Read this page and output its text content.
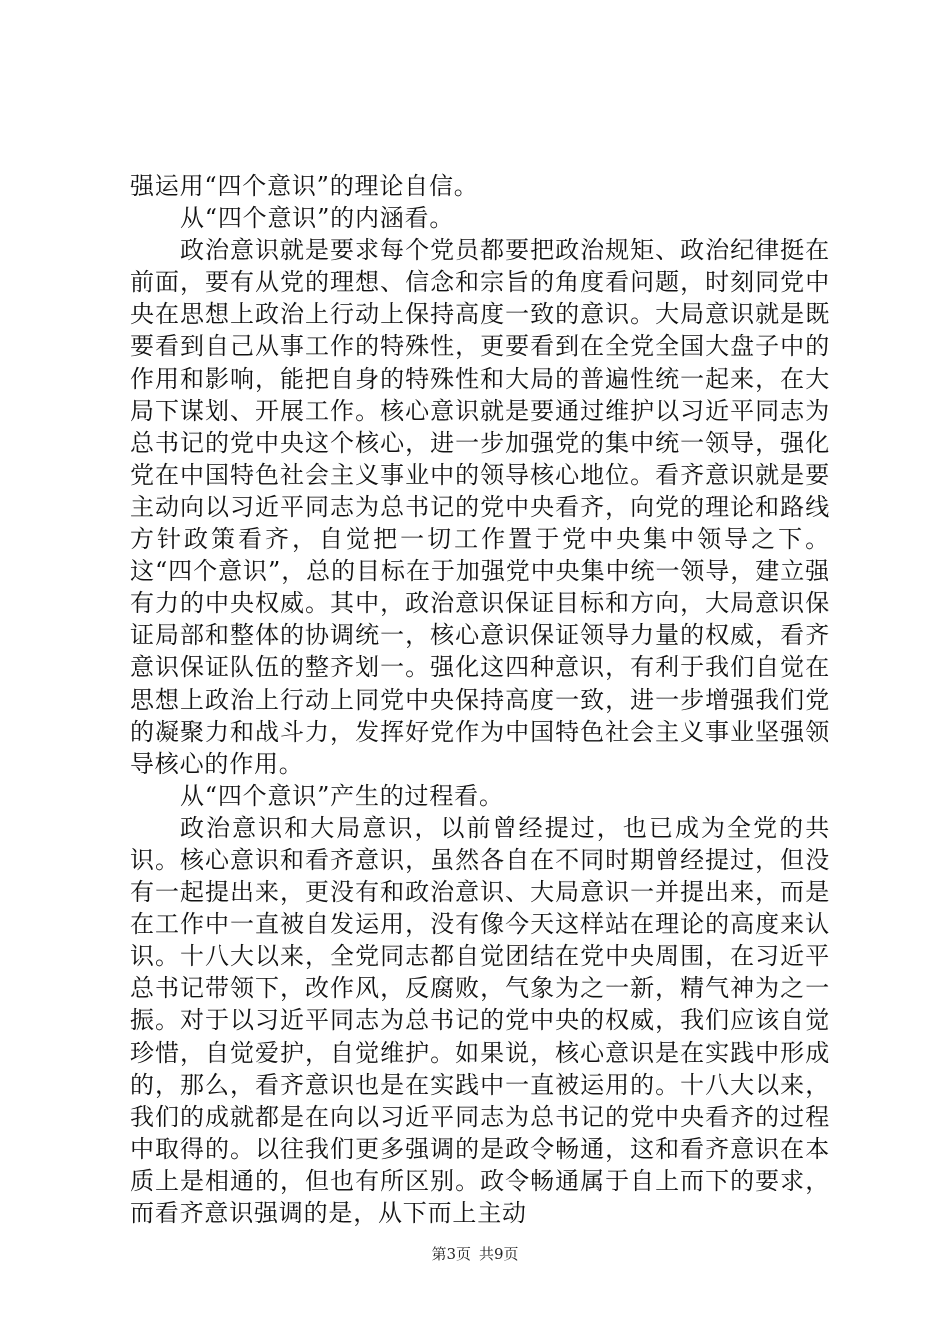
强运用“四个意识”的理论自信。

从“四个意识”的内涵看。

政治意识就是要求每个党员都要把政治规矩、政治纪律挺在前面，要有从党的理想、信念和宗旨的角度看问题，时刻同党中央在思想上政治上行动上保持高度一致的意识。大局意识就是既要看到自己从事工作的特殊性，更要看到在全党全国大盘子中的作用和影响，能把自身的特殊性和大局的普遍性统一起来，在大局下谋划、开展工作。核心意识就是要通过维护以习近平同志为总书记的党中央这个核心，进一步加强党的集中统一领导，强化党在中国特色社会主义事业中的领导核心地位。看齐意识就是要主动向以习近平同志为总书记的党中央看齐，向党的理论和路线方针政策看齐，自觉把一切工作置于党中央集中领导之下。这“四个意识”，总的目标在于加强党中央集中统一领导，建立强有力的中央权威。其中，政治意识保证目标和方向，大局意识保证局部和整体的协调统一，核心意识保证领导力量的权威，看齐意识保证队伍的整齐划一。强化这四种意识，有利于我们自觉在思想上政治上行动上同党中央保持高度一致，进一步增强我们党的凝聚力和战斗力，发挥好党作为中国特色社会主义事业坚强领导核心的作用。

从“四个意识”产生的过程看。

政治意识和大局意识，以前曾经提过，也已成为全党的共识。核心意识和看齐意识，虽然各自在不同时期曾经提过，但没有一起提出来，更没有和政治意识、大局意识一并提出来，而是在工作中一直被自发运用，没有像今天这样站在理论的高度来认识。十八大以来，全党同志都自觉团结在党中央周围，在习近平总书记带领下，改作风，反腐败，气象为之一新，精气神为之一振。对于以习近平同志为总书记的党中央的权威，我们应该自觉珍惜，自觉爱护，自觉维护。如果说，核心意识是在实践中形成的，那么，看齐意识也是在实践中一直被运用的。十八大以来，我们的成就都是在向以习近平同志为总书记的党中央看齐的过程中取得的。以往我们更多强调的是政令畅通，这和看齐意识在本质上是相通的，但也有所区别。政令畅通属于自上而下的要求，而看齐意识强调的是，从下而上主动

第3页 共9页
